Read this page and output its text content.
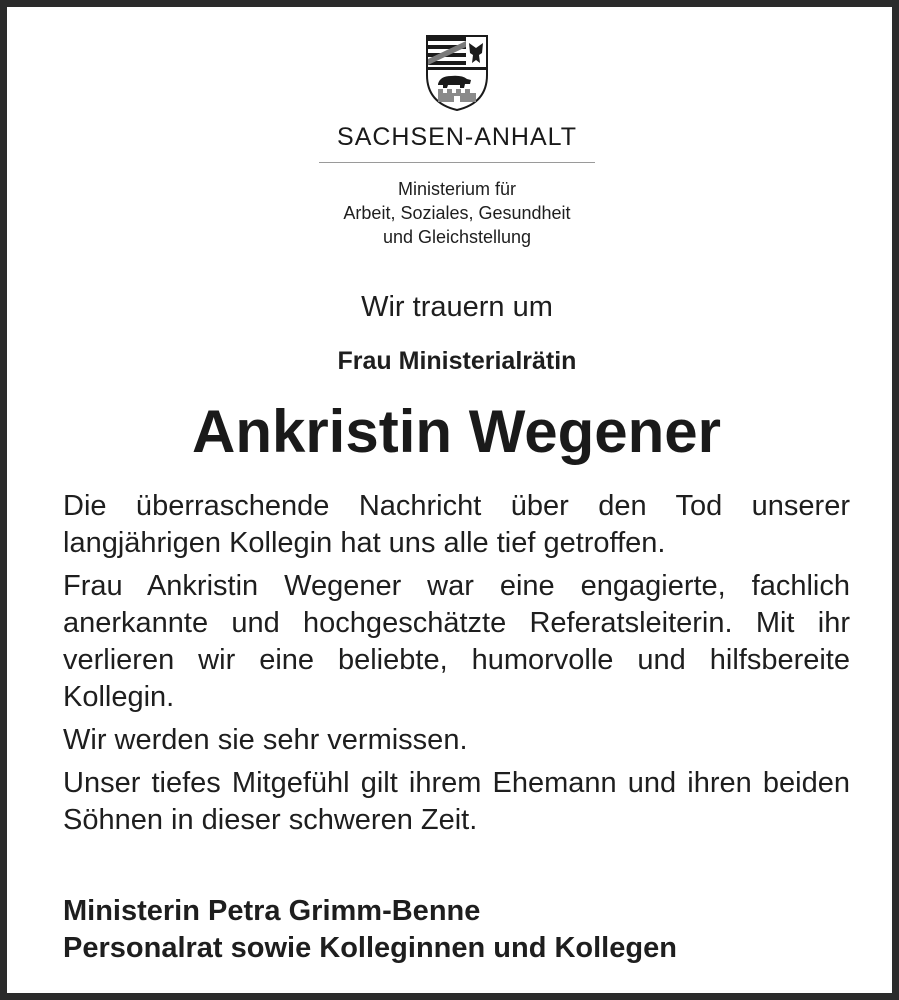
SACHSEN-ANHALT
Ministerium für
Arbeit, Soziales, Gesundheit
und Gleichstellung
Wir trauern um
Frau Ministerialrätin
Ankristin Wegener

Die überraschende Nachricht über den Tod unserer langjährigen Kollegin hat uns alle tief getroffen.

Frau Ankristin Wegener war eine engagierte, fachlich anerkannte und hochgeschätzte Referatsleiterin. Mit ihr verlieren wir eine beliebte, humorvolle und hilfsbereite Kollegin.

Wir werden sie sehr vermissen.

Unser tiefes Mitgefühl gilt ihrem Ehemann und ihren beiden Söhnen in dieser schweren Zeit.

Ministerin Petra Grimm-Benne
Personalrat sowie Kolleginnen und Kollegen
